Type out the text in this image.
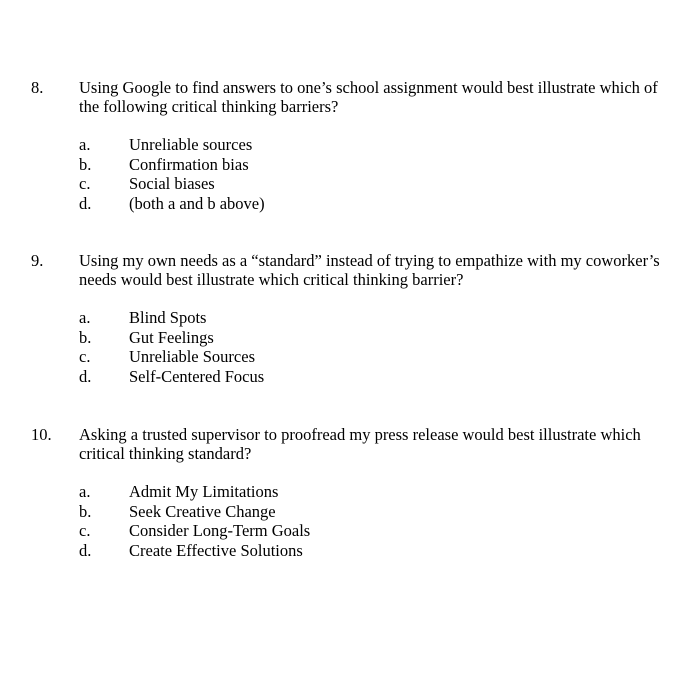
8. Using Google to find answers to one’s school assignment would best illustrate which of the following critical thinking barriers?
a. Unreliable sources
b. Confirmation bias
c. Social biases
d. (both a and b above)
9. Using my own needs as a “standard” instead of trying to empathize with my coworker’s needs would best illustrate which critical thinking barrier?
a. Blind Spots
b. Gut Feelings
c. Unreliable Sources
d. Self-Centered Focus
10. Asking a trusted supervisor to proofread my press release would best illustrate which critical thinking standard?
a. Admit My Limitations
b. Seek Creative Change
c. Consider Long-Term Goals
d. Create Effective Solutions
